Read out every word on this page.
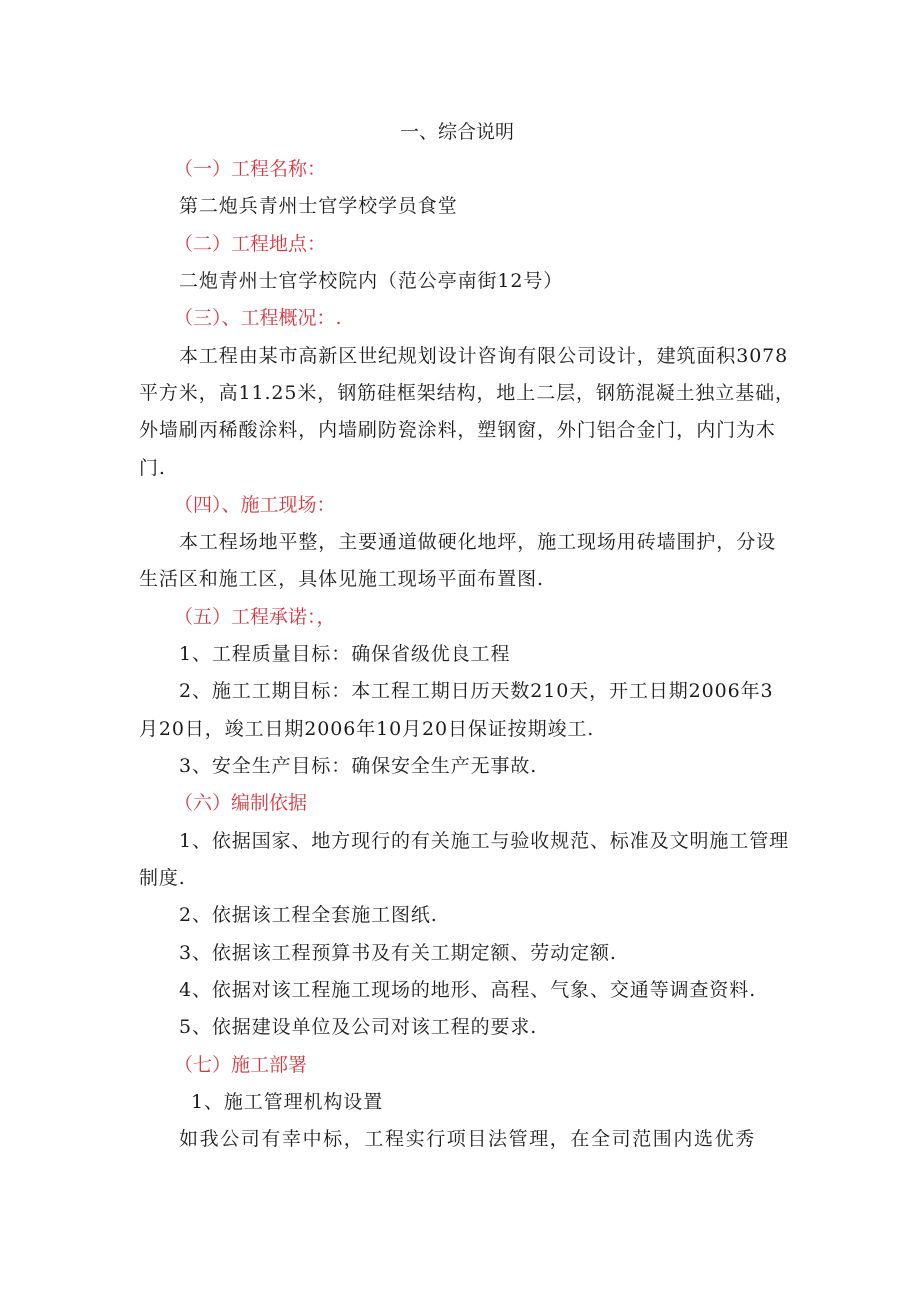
一、综合说明
（一）工程名称：
第二炮兵青州士官学校学员食堂
（二）工程地点：
二炮青州士官学校院内（范公亭南街12号）
（三）、工程概况：.
本工程由某市高新区世纪规划设计咨询有限公司设计，建筑面积3078
平方米，高11.25米，钢筋硅框架结构，地上二层，钢筋混凝土独立基础，
外墙刷丙稀酸涂料，内墙刷防瓷涂料，塑钢窗，外门铝合金门，内门为木
门.
（四）、施工现场：
本工程场地平整，主要通道做硬化地坪，施工现场用砖墙围护，分设
生活区和施工区，具体见施工现场平面布置图.
（五）工程承诺：，
1、工程质量目标：确保省级优良工程
2、施工工期目标：本工程工期日历天数210天，开工日期2006年3
月20日，竣工日期2006年10月20日保证按期竣工.
3、安全生产目标：确保安全生产无事故.
（六）编制依据
1、依据国家、地方现行的有关施工与验收规范、标准及文明施工管理
制度.
2、依据该工程全套施工图纸.
3、依据该工程预算书及有关工期定额、劳动定额.
4、依据对该工程施工现场的地形、高程、气象、交通等调查资料.
5、依据建设单位及公司对该工程的要求.
（七）施工部署
1、施工管理机构设置
如我公司有幸中标，工程实行项目法管理，在全司范围内选优秀
